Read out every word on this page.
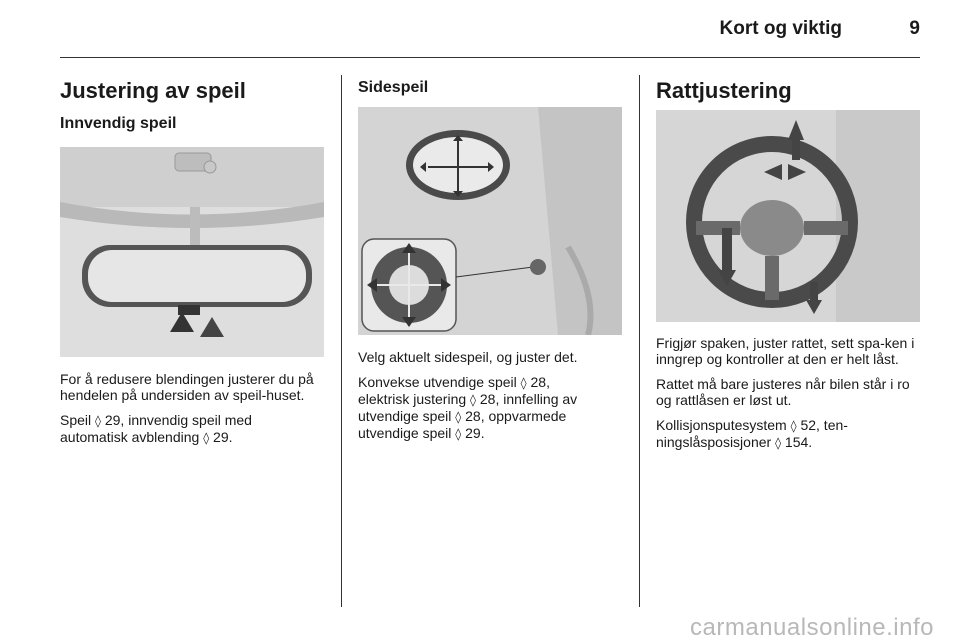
Kort og viktig	9
Justering av speil
Innvendig speil

For å redusere blendingen justerer du på hendelen på undersiden av speil-huset.

Speil ◊ 29, innvendig speil med
automatisk avblending ◊ 29.

Sidespeil

Velg aktuelt sidespeil, og juster det.

Konvekse utvendige speil ◊ 28,
elektrisk justering ◊ 28, innfelling av
utvendige speil ◊ 28, oppvarmede
utvendige speil ◊ 29.

Rattjustering

Frigjør spaken, juster rattet, sett spa-ken i inngrep og kontroller at den er helt låst.

Rattet må bare justeres når bilen står i ro og rattlåsen er løst ut.

Kollisjonsputesystem ◊ 52, ten-
ningslåsposisjoner ◊ 154.

carmanualsonline.info
